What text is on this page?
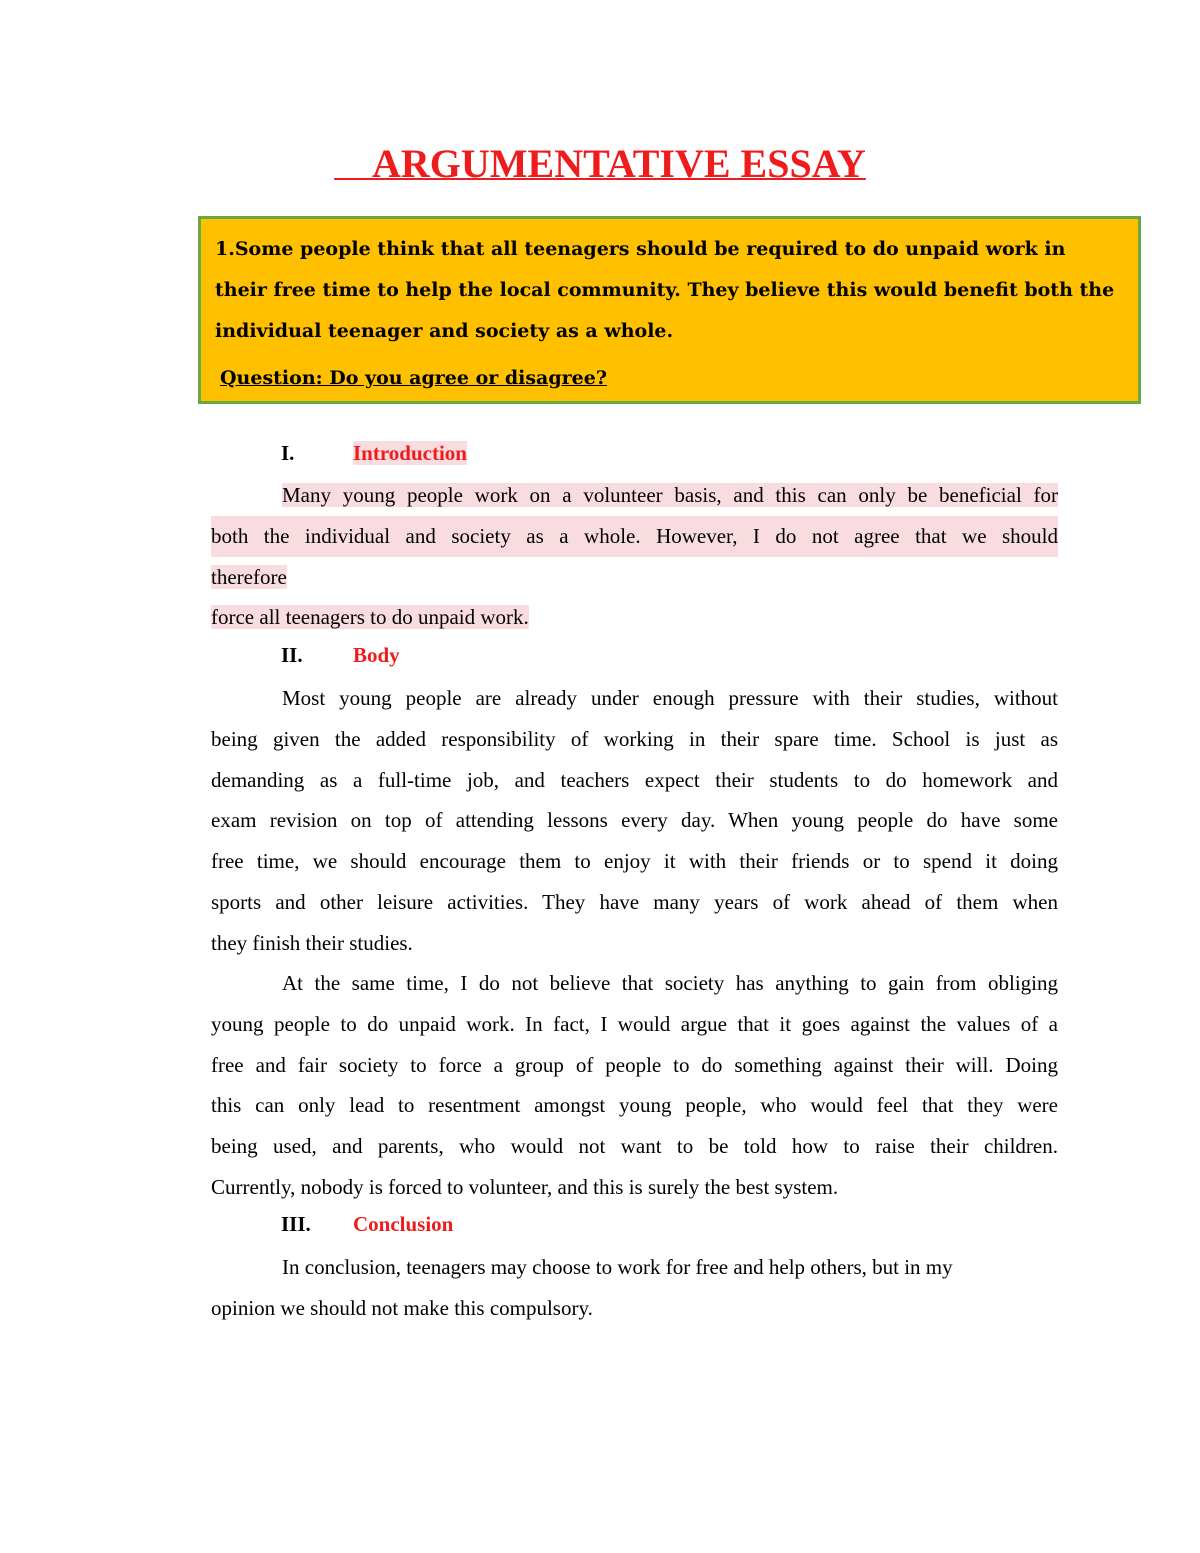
ARGUMENTATIVE ESSAY
1.Some people think that all teenagers should be required to do unpaid work in their free time to help the local community. They believe this would benefit both the individual teenager and society as a whole.
Question: Do you agree or disagree?
I.	Introduction
Many young people work on a volunteer basis, and this can only be beneficial for
both the individual and society as a whole. However, I do not agree that we should
therefore
force all teenagers to do unpaid work.
II. Body
Most young people are already under enough pressure with their studies, without
being given the added responsibility of working in their spare time. School is just as
demanding as a full-time job, and teachers expect their students to do homework and
exam revision on top of attending lessons every day. When young people do have some
free time, we should encourage them to enjoy it with their friends or to spend it doing
sports and other leisure activities. They have many years of work ahead of them when
they finish their studies.
At the same time, I do not believe that society has anything to gain from obliging
young people to do unpaid work. In fact, I would argue that it goes against the values of a
free and fair society to force a group of people to do something against their will. Doing
this can only lead to resentment amongst young people, who would feel that they were
being used, and parents, who would not want to be told how to raise their children.
Currently, nobody is forced to volunteer, and this is surely the best system.
III. Conclusion
In conclusion, teenagers may choose to work for free and help others, but in my
opinion we should not make this compulsory.
